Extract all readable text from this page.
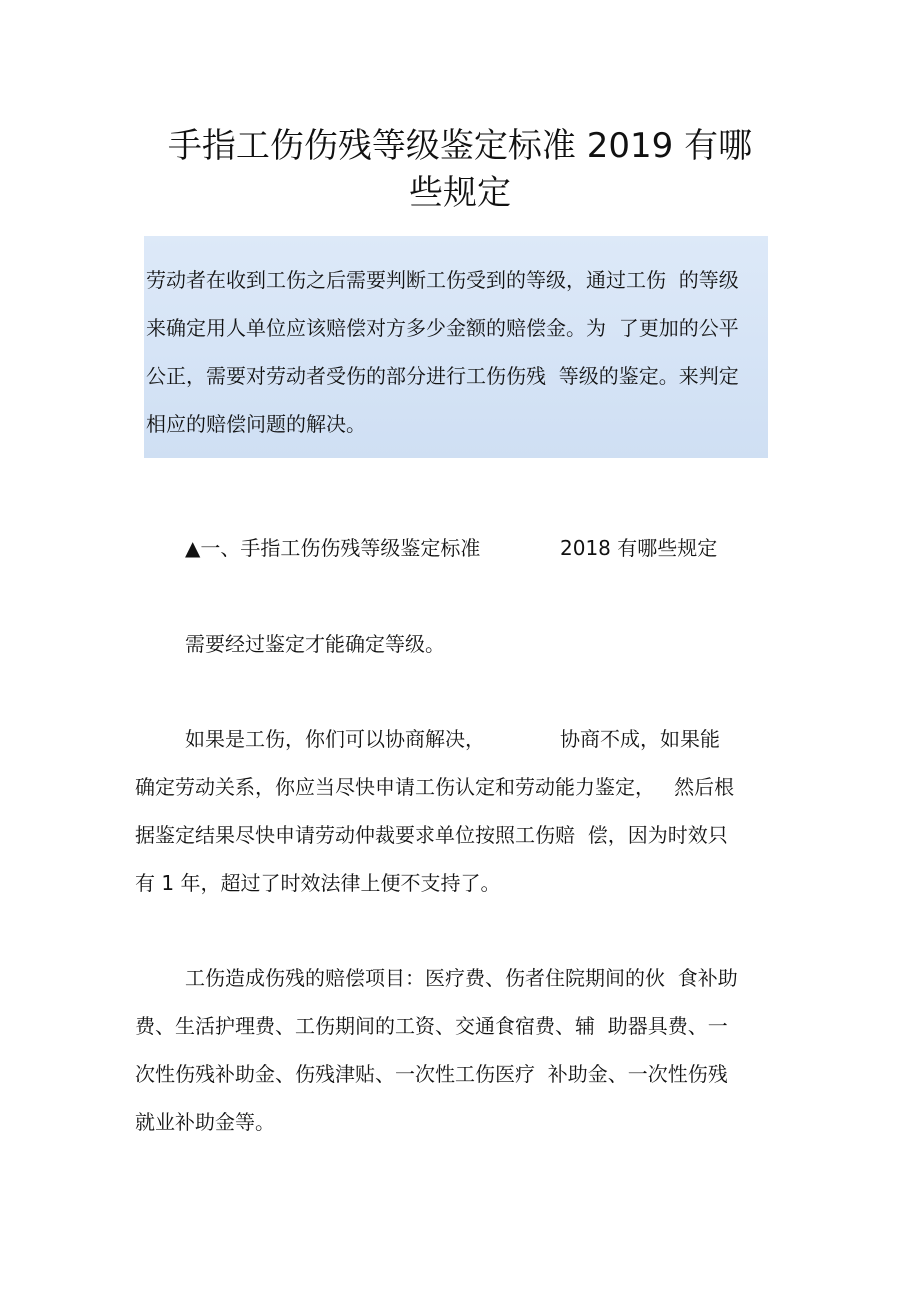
手指工伤伤残等级鉴定标准 2019 有哪
些规定
劳动者在收到工伤之后需要判断工伤受到的等级，通过工伤  的等级
来确定用人单位应该赔偿对方多少金额的赔偿金。为  了更加的公平
公正，需要对劳动者受伤的部分进行工伤伤残  等级的鉴定。来判定
相应的赔偿问题的解决。
▲一、手指工伤伤残等级鉴定标准	2018 有哪些规定
需要经过鉴定才能确定等级。
如果是工伤，你们可以协商解决，	协商不成，如果能
确定劳动关系，你应当尽快申请工伤认定和劳动能力鉴定，   然后根
据鉴定结果尽快申请劳动仲裁要求单位按照工伤赔  偿，因为时效只
有 1 年，超过了时效法律上便不支持了。
工伤造成伤残的赔偿项目：医疗费、伤者住院期间的伙  食补助
费、生活护理费、工伤期间的工资、交通食宿费、辅  助器具费、一
次性伤残补助金、伤残津贴、一次性工伤医疗  补助金、一次性伤残
就业补助金等。
